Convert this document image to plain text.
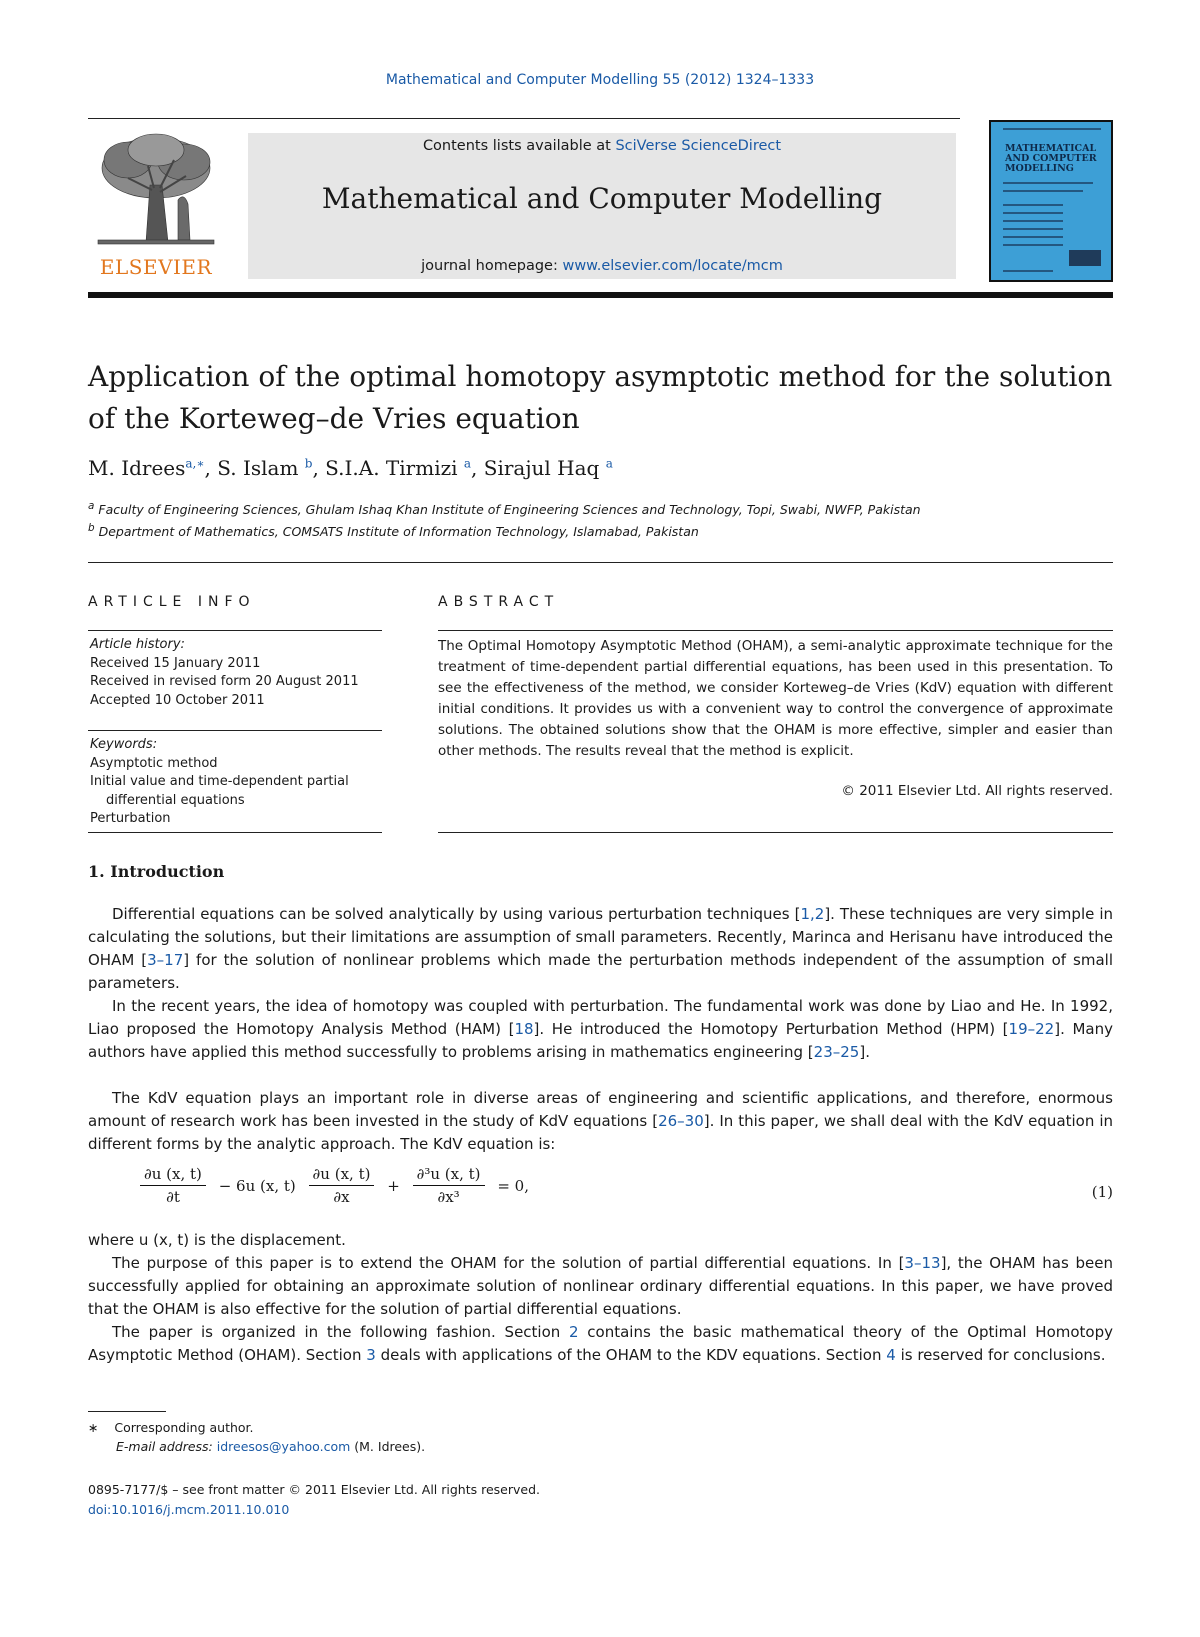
Mathematical and Computer Modelling 55 (2012) 1324–1333
ELSEVIER
Contents lists available at SciVerse ScienceDirect
Mathematical and Computer Modelling
journal homepage: www.elsevier.com/locate/mcm
MATHEMATICAL AND COMPUTER MODELLING
Application of the optimal homotopy asymptotic method for the solution of the Korteweg–de Vries equation
M. Idrees$^{a,∗}$, S. Islam $^b$, S.I.A. Tirmizi $^a$, Sirajul Haq $^a$
$^a$ Faculty of Engineering Sciences, Ghulam Ishaq Khan Institute of Engineering Sciences and Technology, Topi, Swabi, NWFP, Pakistan
$^b$ Department of Mathematics, COMSATS Institute of Information Technology, Islamabad, Pakistan
ARTICLE INFO	ABSTRACT
Article history:
Received 15 January 2011
Received in revised form 20 August 2011
Accepted 10 October 2011
Keywords:
Asymptotic method
Initial value and time-dependent partial
differential equations
Perturbation
The Optimal Homotopy Asymptotic Method (OHAM), a semi-analytic approximate technique for the treatment of time-dependent partial differential equations, has been used in this presentation. To see the effectiveness of the method, we consider Korteweg–de Vries (KdV) equation with different initial conditions. It provides us with a convenient way to control the convergence of approximate solutions. The obtained solutions show that the OHAM is more effective, simpler and easier than other methods. The results reveal that the method is explicit.
© 2011 Elsevier Ltd. All rights reserved.
1. Introduction
Differential equations can be solved analytically by using various perturbation techniques [1,2]. These techniques are very simple in calculating the solutions, but their limitations are assumption of small parameters. Recently, Marinca and Herisanu have introduced the OHAM [3–17] for the solution of nonlinear problems which made the perturbation methods independent of the assumption of small parameters.
In the recent years, the idea of homotopy was coupled with perturbation. The fundamental work was done by Liao and He. In 1992, Liao proposed the Homotopy Analysis Method (HAM) [18]. He introduced the Homotopy Perturbation Method (HPM) [19–22]. Many authors have applied this method successfully to problems arising in mathematics engineering [23–25].
The KdV equation plays an important role in diverse areas of engineering and scientific applications, and therefore, enormous amount of research work has been invested in the study of KdV equations [26–30]. In this paper, we shall deal with the KdV equation in different forms by the analytic approach. The KdV equation is:
$\frac{\partial u (x, t)}{\partial t} - 6u$ (x, $t) \frac{\partial u (x, t)}{\partial x} + \frac{\text{∂³u (x, t)}}{\text{∂x³}} = 0$,	(1)
where u (x, t) is the displacement.
The purpose of this paper is to extend the OHAM for the solution of partial differential equations. In [3–13], the OHAM has been successfully applied for obtaining an approximate solution of nonlinear ordinary differential equations. In this paper, we have proved that the OHAM is also effective for the solution of partial differential equations.
The paper is organized in the following fashion. Section 2 contains the basic mathematical theory of the Optimal Homotopy Asymptotic Method (OHAM). Section 3 deals with applications of the OHAM to the KDV equations. Section 4 is reserved for conclusions.
∗ Corresponding author.
E-mail address: idreesos@yahoo.com (M. Idrees).
0895-7177/$ – see front matter © 2011 Elsevier Ltd. All rights reserved.
doi:10.1016/j.mcm.2011.10.010
